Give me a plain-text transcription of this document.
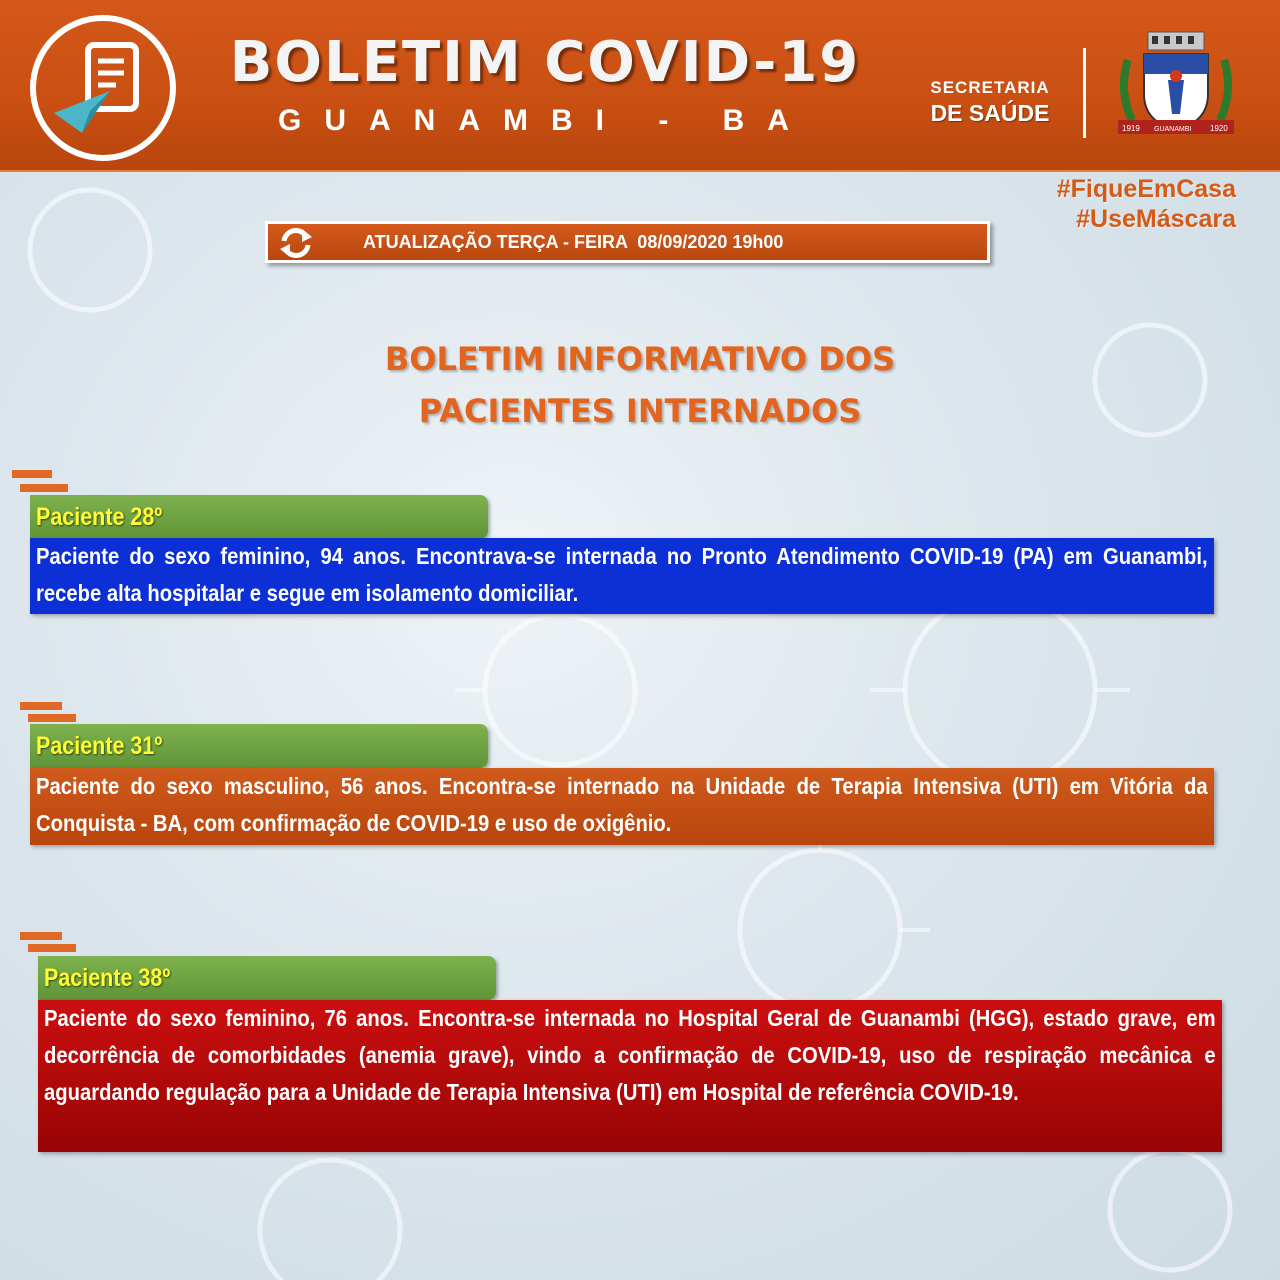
BOLETIM COVID-19
GUANAMBI - BA
SECRETARIA
DE SAÚDE
1919 GUANAMBI 1920
#FiqueEmCasa
#UseMáscara
ATUALIZAÇÃO TERÇA - FEIRA  08/09/2020 19h00
BOLETIM INFORMATIVO DOS
PACIENTES INTERNADOS
Paciente 28º
Paciente do sexo feminino, 94 anos. Encontrava-se internada no Pronto Atendimento COVID-19 (PA) em Guanambi, recebe alta hospitalar e segue em isolamento domiciliar.
Paciente 31º
Paciente do sexo masculino, 56 anos. Encontra-se internado na Unidade de Terapia Intensiva (UTI) em Vitória da Conquista - BA, com confirmação de COVID-19 e uso de oxigênio.
Paciente 38º
Paciente do sexo feminino, 76 anos. Encontra-se internada no Hospital Geral de Guanambi (HGG), estado grave, em decorrência de comorbidades (anemia grave), vindo a confirmação de COVID-19, uso de respiração mecânica e aguardando regulação para a Unidade de Terapia Intensiva (UTI) em Hospital de referência COVID-19.
